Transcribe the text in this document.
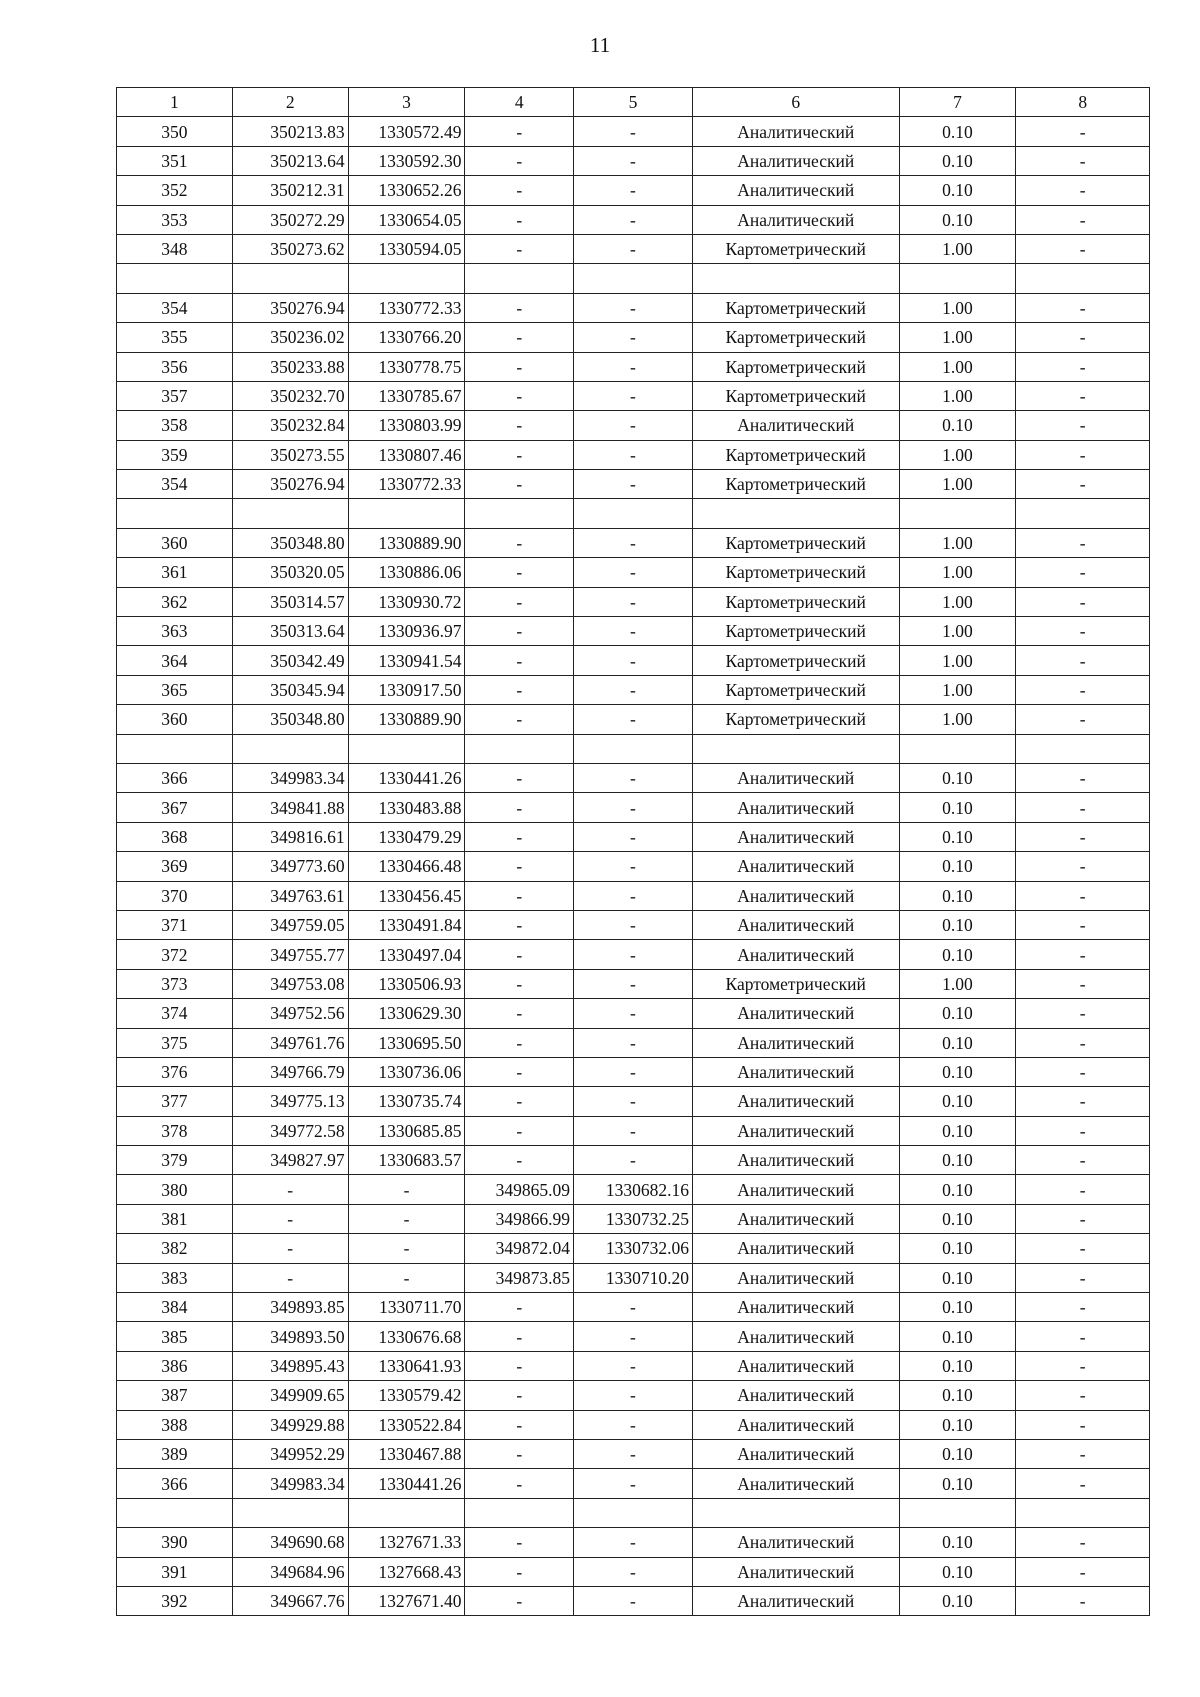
11
1	2	3	4	5	6	7	8
350	350213.83	1330572.49	-	-	Аналитический	0.10	-
351	350213.64	1330592.30	-	-	Аналитический	0.10	-
352	350212.31	1330652.26	-	-	Аналитический	0.10	-
353	350272.29	1330654.05	-	-	Аналитический	0.10	-
348	350273.62	1330594.05	-	-	Картометрический	1.00	-

354	350276.94	1330772.33	-	-	Картометрический	1.00	-
355	350236.02	1330766.20	-	-	Картометрический	1.00	-
356	350233.88	1330778.75	-	-	Картометрический	1.00	-
357	350232.70	1330785.67	-	-	Картометрический	1.00	-
358	350232.84	1330803.99	-	-	Аналитический	0.10	-
359	350273.55	1330807.46	-	-	Картометрический	1.00	-
354	350276.94	1330772.33	-	-	Картометрический	1.00	-

360	350348.80	1330889.90	-	-	Картометрический	1.00	-
361	350320.05	1330886.06	-	-	Картометрический	1.00	-
362	350314.57	1330930.72	-	-	Картометрический	1.00	-
363	350313.64	1330936.97	-	-	Картометрический	1.00	-
364	350342.49	1330941.54	-	-	Картометрический	1.00	-
365	350345.94	1330917.50	-	-	Картометрический	1.00	-
360	350348.80	1330889.90	-	-	Картометрический	1.00	-

366	349983.34	1330441.26	-	-	Аналитический	0.10	-
367	349841.88	1330483.88	-	-	Аналитический	0.10	-
368	349816.61	1330479.29	-	-	Аналитический	0.10	-
369	349773.60	1330466.48	-	-	Аналитический	0.10	-
370	349763.61	1330456.45	-	-	Аналитический	0.10	-
371	349759.05	1330491.84	-	-	Аналитический	0.10	-
372	349755.77	1330497.04	-	-	Аналитический	0.10	-
373	349753.08	1330506.93	-	-	Картометрический	1.00	-
374	349752.56	1330629.30	-	-	Аналитический	0.10	-
375	349761.76	1330695.50	-	-	Аналитический	0.10	-
376	349766.79	1330736.06	-	-	Аналитический	0.10	-
377	349775.13	1330735.74	-	-	Аналитический	0.10	-
378	349772.58	1330685.85	-	-	Аналитический	0.10	-
379	349827.97	1330683.57	-	-	Аналитический	0.10	-
380	-	-	349865.09	1330682.16	Аналитический	0.10	-
381	-	-	349866.99	1330732.25	Аналитический	0.10	-
382	-	-	349872.04	1330732.06	Аналитический	0.10	-
383	-	-	349873.85	1330710.20	Аналитический	0.10	-
384	349893.85	1330711.70	-	-	Аналитический	0.10	-
385	349893.50	1330676.68	-	-	Аналитический	0.10	-
386	349895.43	1330641.93	-	-	Аналитический	0.10	-
387	349909.65	1330579.42	-	-	Аналитический	0.10	-
388	349929.88	1330522.84	-	-	Аналитический	0.10	-
389	349952.29	1330467.88	-	-	Аналитический	0.10	-
366	349983.34	1330441.26	-	-	Аналитический	0.10	-

390	349690.68	1327671.33	-	-	Аналитический	0.10	-
391	349684.96	1327668.43	-	-	Аналитический	0.10	-
392	349667.76	1327671.40	-	-	Аналитический	0.10	-
